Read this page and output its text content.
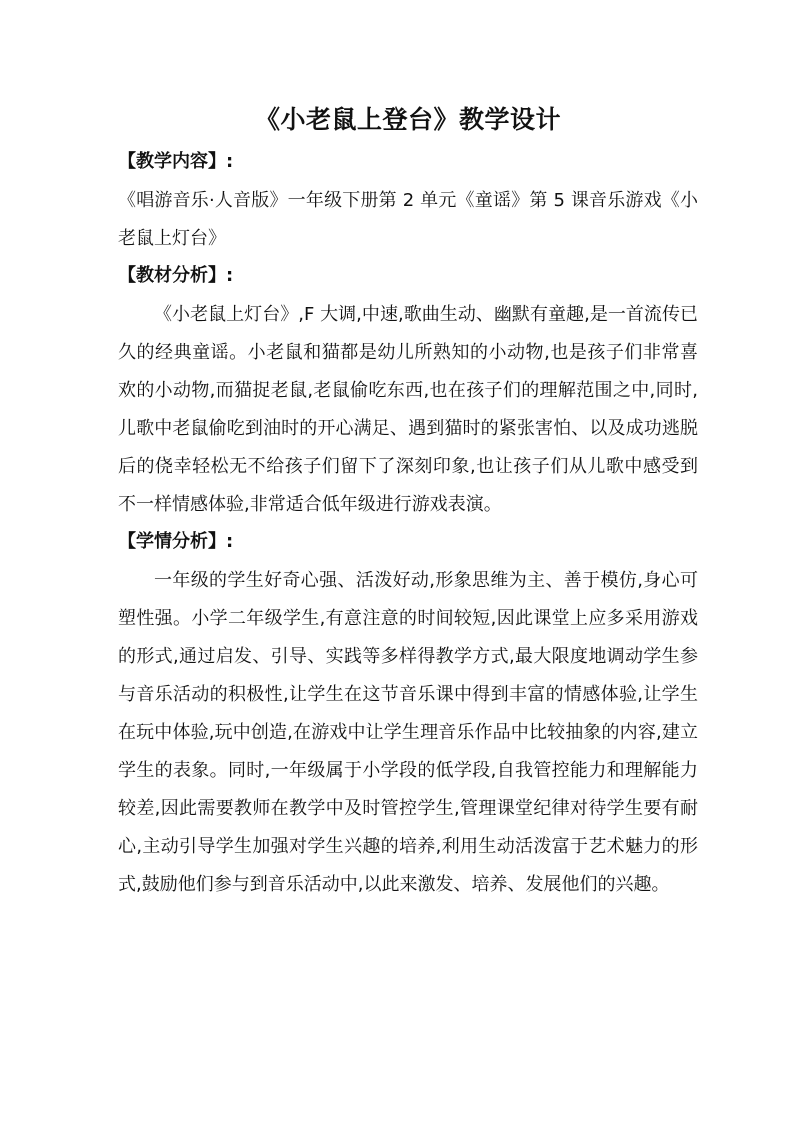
《小老鼠上登台》教学设计
【教学内容】:

《唱游音乐·人音版》一年级下册第 2 单元《童谣》第 5 课音乐游戏《小老鼠上灯台》

【教材分析】:

《小老鼠上灯台》,F 大调,中速,歌曲生动、幽默有童趣,是一首流传已久的经典童谣。小老鼠和猫都是幼儿所熟知的小动物,也是孩子们非常喜欢的小动物,而猫捉老鼠,老鼠偷吃东西,也在孩子们的理解范围之中,同时,儿歌中老鼠偷吃到油时的开心满足、遇到猫时的紧张害怕、以及成功逃脱后的侥幸轻松无不给孩子们留下了深刻印象,也让孩子们从儿歌中感受到不一样情感体验,非常适合低年级进行游戏表演。

【学情分析】:

一年级的学生好奇心强、活泼好动,形象思维为主、善于模仿,身心可塑性强。小学二年级学生,有意注意的时间较短,因此课堂上应多采用游戏的形式,通过启发、引导、实践等多样得教学方式,最大限度地调动学生参与音乐活动的积极性,让学生在这节音乐课中得到丰富的情感体验,让学生在玩中体验,玩中创造,在游戏中让学生理音乐作品中比较抽象的内容,建立学生的表象。同时,一年级属于小学段的低学段,自我管控能力和理解能力较差,因此需要教师在教学中及时管控学生,管理课堂纪律对待学生要有耐心,主动引导学生加强对学生兴趣的培养,利用生动活泼富于艺术魅力的形式,鼓励他们参与到音乐活动中,以此来激发、培养、发展他们的兴趣。
